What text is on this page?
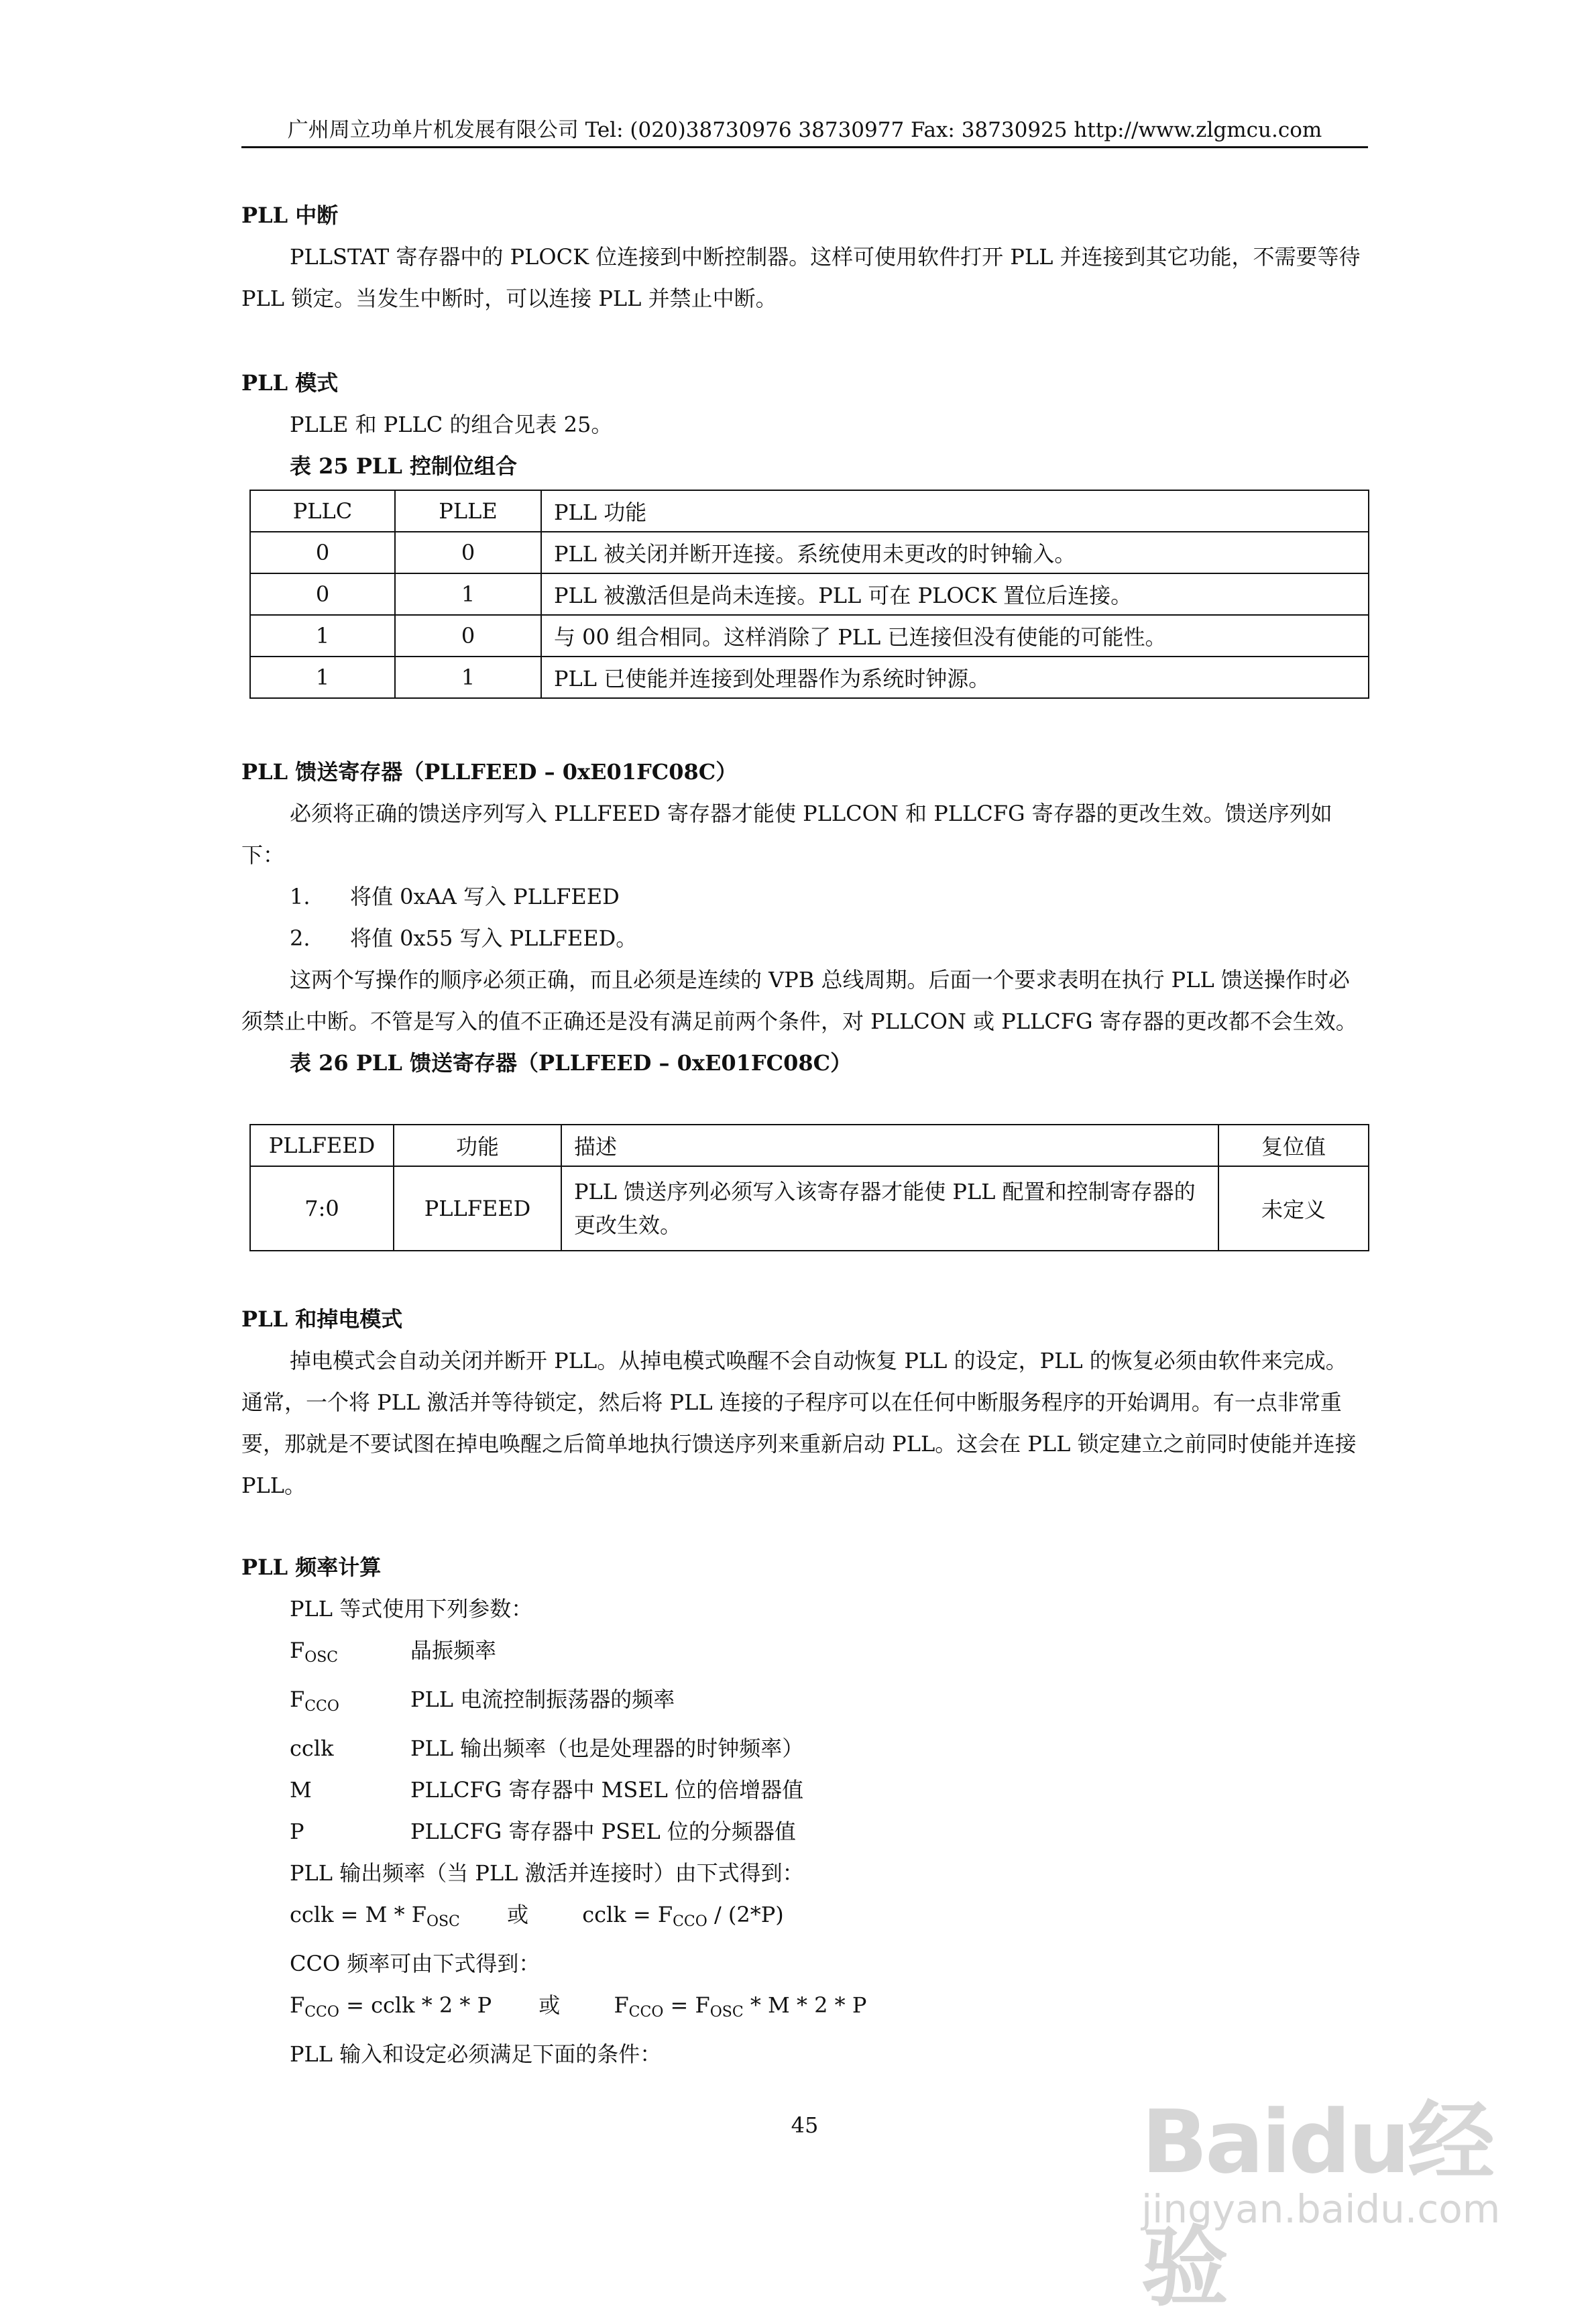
广州周立功单片机发展有限公司 Tel: (020)38730976 38730977 Fax: 38730925 http://www.zlgmcu.com

PLL 中断

PLLSTAT 寄存器中的 PLOCK 位连接到中断控制器。这样可使用软件打开 PLL 并连接到其它功能，不需要等待 PLL 锁定。当发生中断时，可以连接 PLL 并禁止中断。

PLL 模式

PLLE 和 PLLC 的组合见表 25。

表 25 PLL 控制位组合

PLLC	PLLE	PLL 功能
0	0	PLL 被关闭并断开连接。系统使用未更改的时钟输入。
0	1	PLL 被激活但是尚未连接。PLL 可在 PLOCK 置位后连接。
1	0	与 00 组合相同。这样消除了 PLL 已连接但没有使能的可能性。
1	1	PLL 已使能并连接到处理器作为系统时钟源。

PLL 馈送寄存器（PLLFEED – 0xE01FC08C）

必须将正确的馈送序列写入 PLLFEED 寄存器才能使 PLLCON 和 PLLCFG 寄存器的更改生效。馈送序列如下：

1. 将值 0xAA 写入 PLLFEED

2. 将值 0x55 写入 PLLFEED。

这两个写操作的顺序必须正确，而且必须是连续的 VPB 总线周期。后面一个要求表明在执行 PLL 馈送操作时必须禁止中断。不管是写入的值不正确还是没有满足前两个条件，对 PLLCON 或 PLLCFG 寄存器的更改都不会生效。

表 26 PLL 馈送寄存器（PLLFEED – 0xE01FC08C）

PLLFEED	功能	描述	复位值
7:0	PLLFEED	PLL 馈送序列必须写入该寄存器才能使 PLL 配置和控制寄存器的更改生效。	未定义

PLL 和掉电模式

掉电模式会自动关闭并断开 PLL。从掉电模式唤醒不会自动恢复 PLL 的设定，PLL 的恢复必须由软件来完成。通常，一个将 PLL 激活并等待锁定，然后将 PLL 连接的子程序可以在任何中断服务程序的开始调用。有一点非常重要，那就是不要试图在掉电唤醒之后简单地执行馈送序列来重新启动 PLL。这会在 PLL 锁定建立之前同时使能并连接 PLL。

PLL 频率计算

PLL 等式使用下列参数：

$F_{OSC}$	晶振频率
$F_{CCO}$	PLL 电流控制振荡器的频率
cclk	PLL 输出频率（也是处理器的时钟频率）
M	PLLCFG 寄存器中 MSEL 位的倍增器值
P	PLLCFG 寄存器中 PSEL 位的分频器值

PLL 输出频率（当 PLL 激活并连接时）由下式得到：

cclk = M * $F_{OSC}$ 或	cclk = $F_{CCO} / (2*P)$

CCO 频率可由下式得到：

$F_{CCO}$ = cclk * 2 * P 或	$F_{CCO} = F_{OSC} * M * 2 * P$

PLL 输入和设定必须满足下面的条件：

45	Baidu经验
jingyan.baidu.com
